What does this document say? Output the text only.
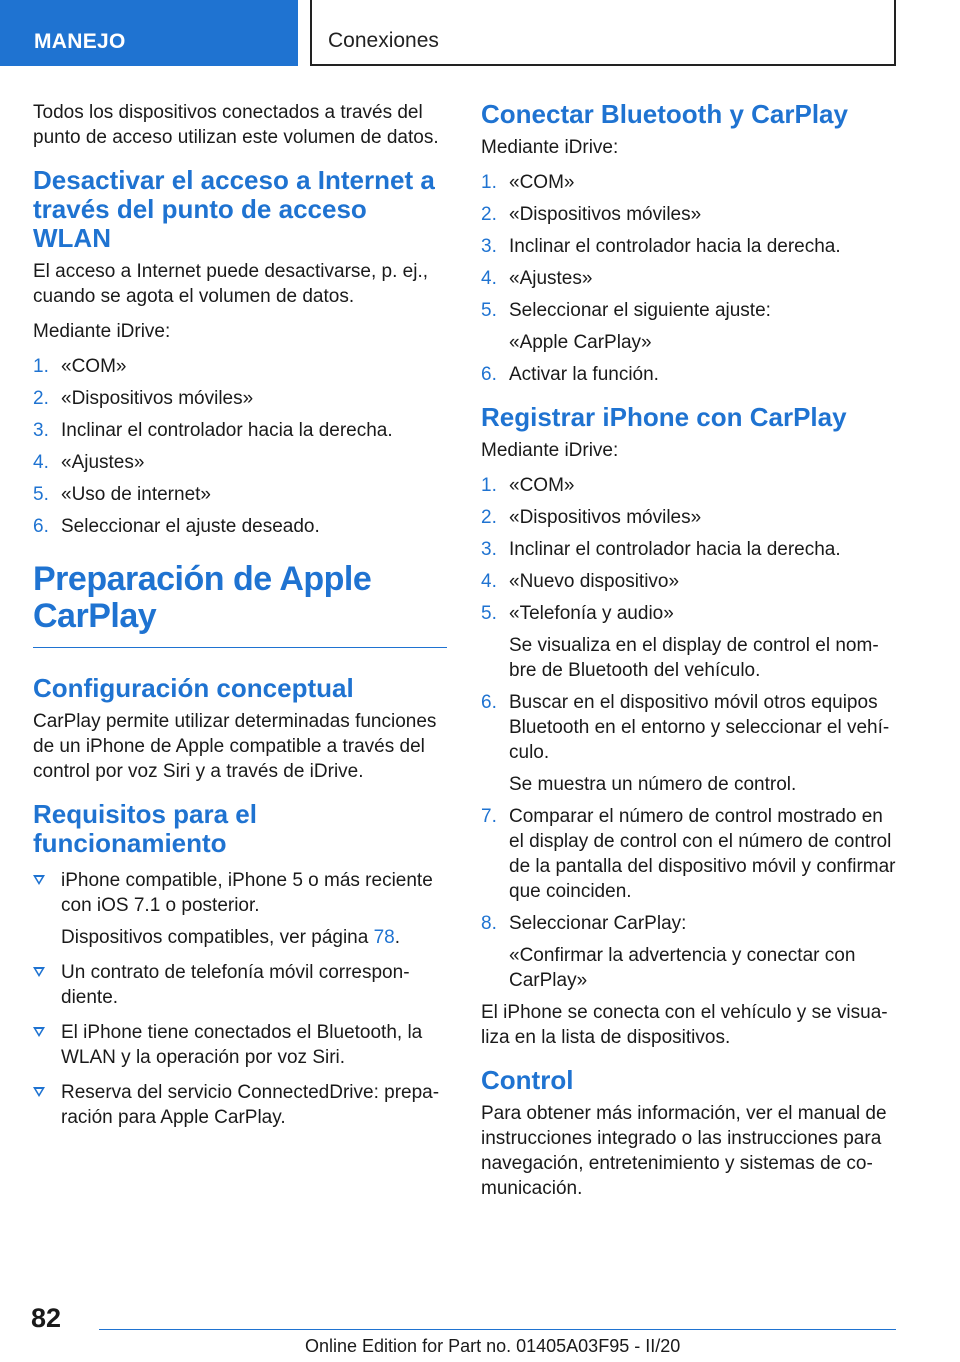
MANEJO	Conexiones

Todos los dispositivos conectados a través del punto de acceso utilizan este volumen de datos.

Desactivar el acceso a Internet a través del punto de acceso WLAN

El acceso a Internet puede desactivarse, p. ej., cuando se agota el volumen de datos.

Mediante iDrive:

1. «COM»
2. «Dispositivos móviles»
3. Inclinar el controlador hacia la derecha.
4. «Ajustes»
5. «Uso de internet»
6. Seleccionar el ajuste deseado.
Preparación de Apple CarPlay
Configuración conceptual

CarPlay permite utilizar determinadas funciones de un iPhone de Apple compatible a través del control por voz Siri y a través de iDrive.

Requisitos para el funcionamiento
iPhone compatible, iPhone 5 o más reciente con iOS 7.1 o posterior.
Dispositivos compatibles, ver página 78.
Un contrato de telefonía móvil correspondiente.
El iPhone tiene conectados el Bluetooth, la WLAN y la operación por voz Siri.
Reserva del servicio ConnectedDrive: preparación para Apple CarPlay.
Conectar Bluetooth y CarPlay

Mediante iDrive:

1. «COM»
2. «Dispositivos móviles»
3. Inclinar el controlador hacia la derecha.
4. «Ajustes»
5. Seleccionar el siguiente ajuste:
«Apple CarPlay»
6. Activar la función.
Registrar iPhone con CarPlay

Mediante iDrive:

1. «COM»
2. «Dispositivos móviles»
3. Inclinar el controlador hacia la derecha.
4. «Nuevo dispositivo»
5. «Telefonía y audio»
Se visualiza en el display de control el nombre de Bluetooth del vehículo.
6. Buscar en el dispositivo móvil otros equipos Bluetooth en el entorno y seleccionar el vehículo.
Se muestra un número de control.
7. Comparar el número de control mostrado en el display de control con el número de control de la pantalla del dispositivo móvil y confirmar que coinciden.
8. Seleccionar CarPlay:
«Confirmar la advertencia y conectar con CarPlay»

El iPhone se conecta con el vehículo y se visualiza en la lista de dispositivos.

Control

Para obtener más información, ver el manual de instrucciones integrado o las instrucciones para navegación, entretenimiento y sistemas de comunicación.

82
Online Edition for Part no. 01405A03F95 - II/20
